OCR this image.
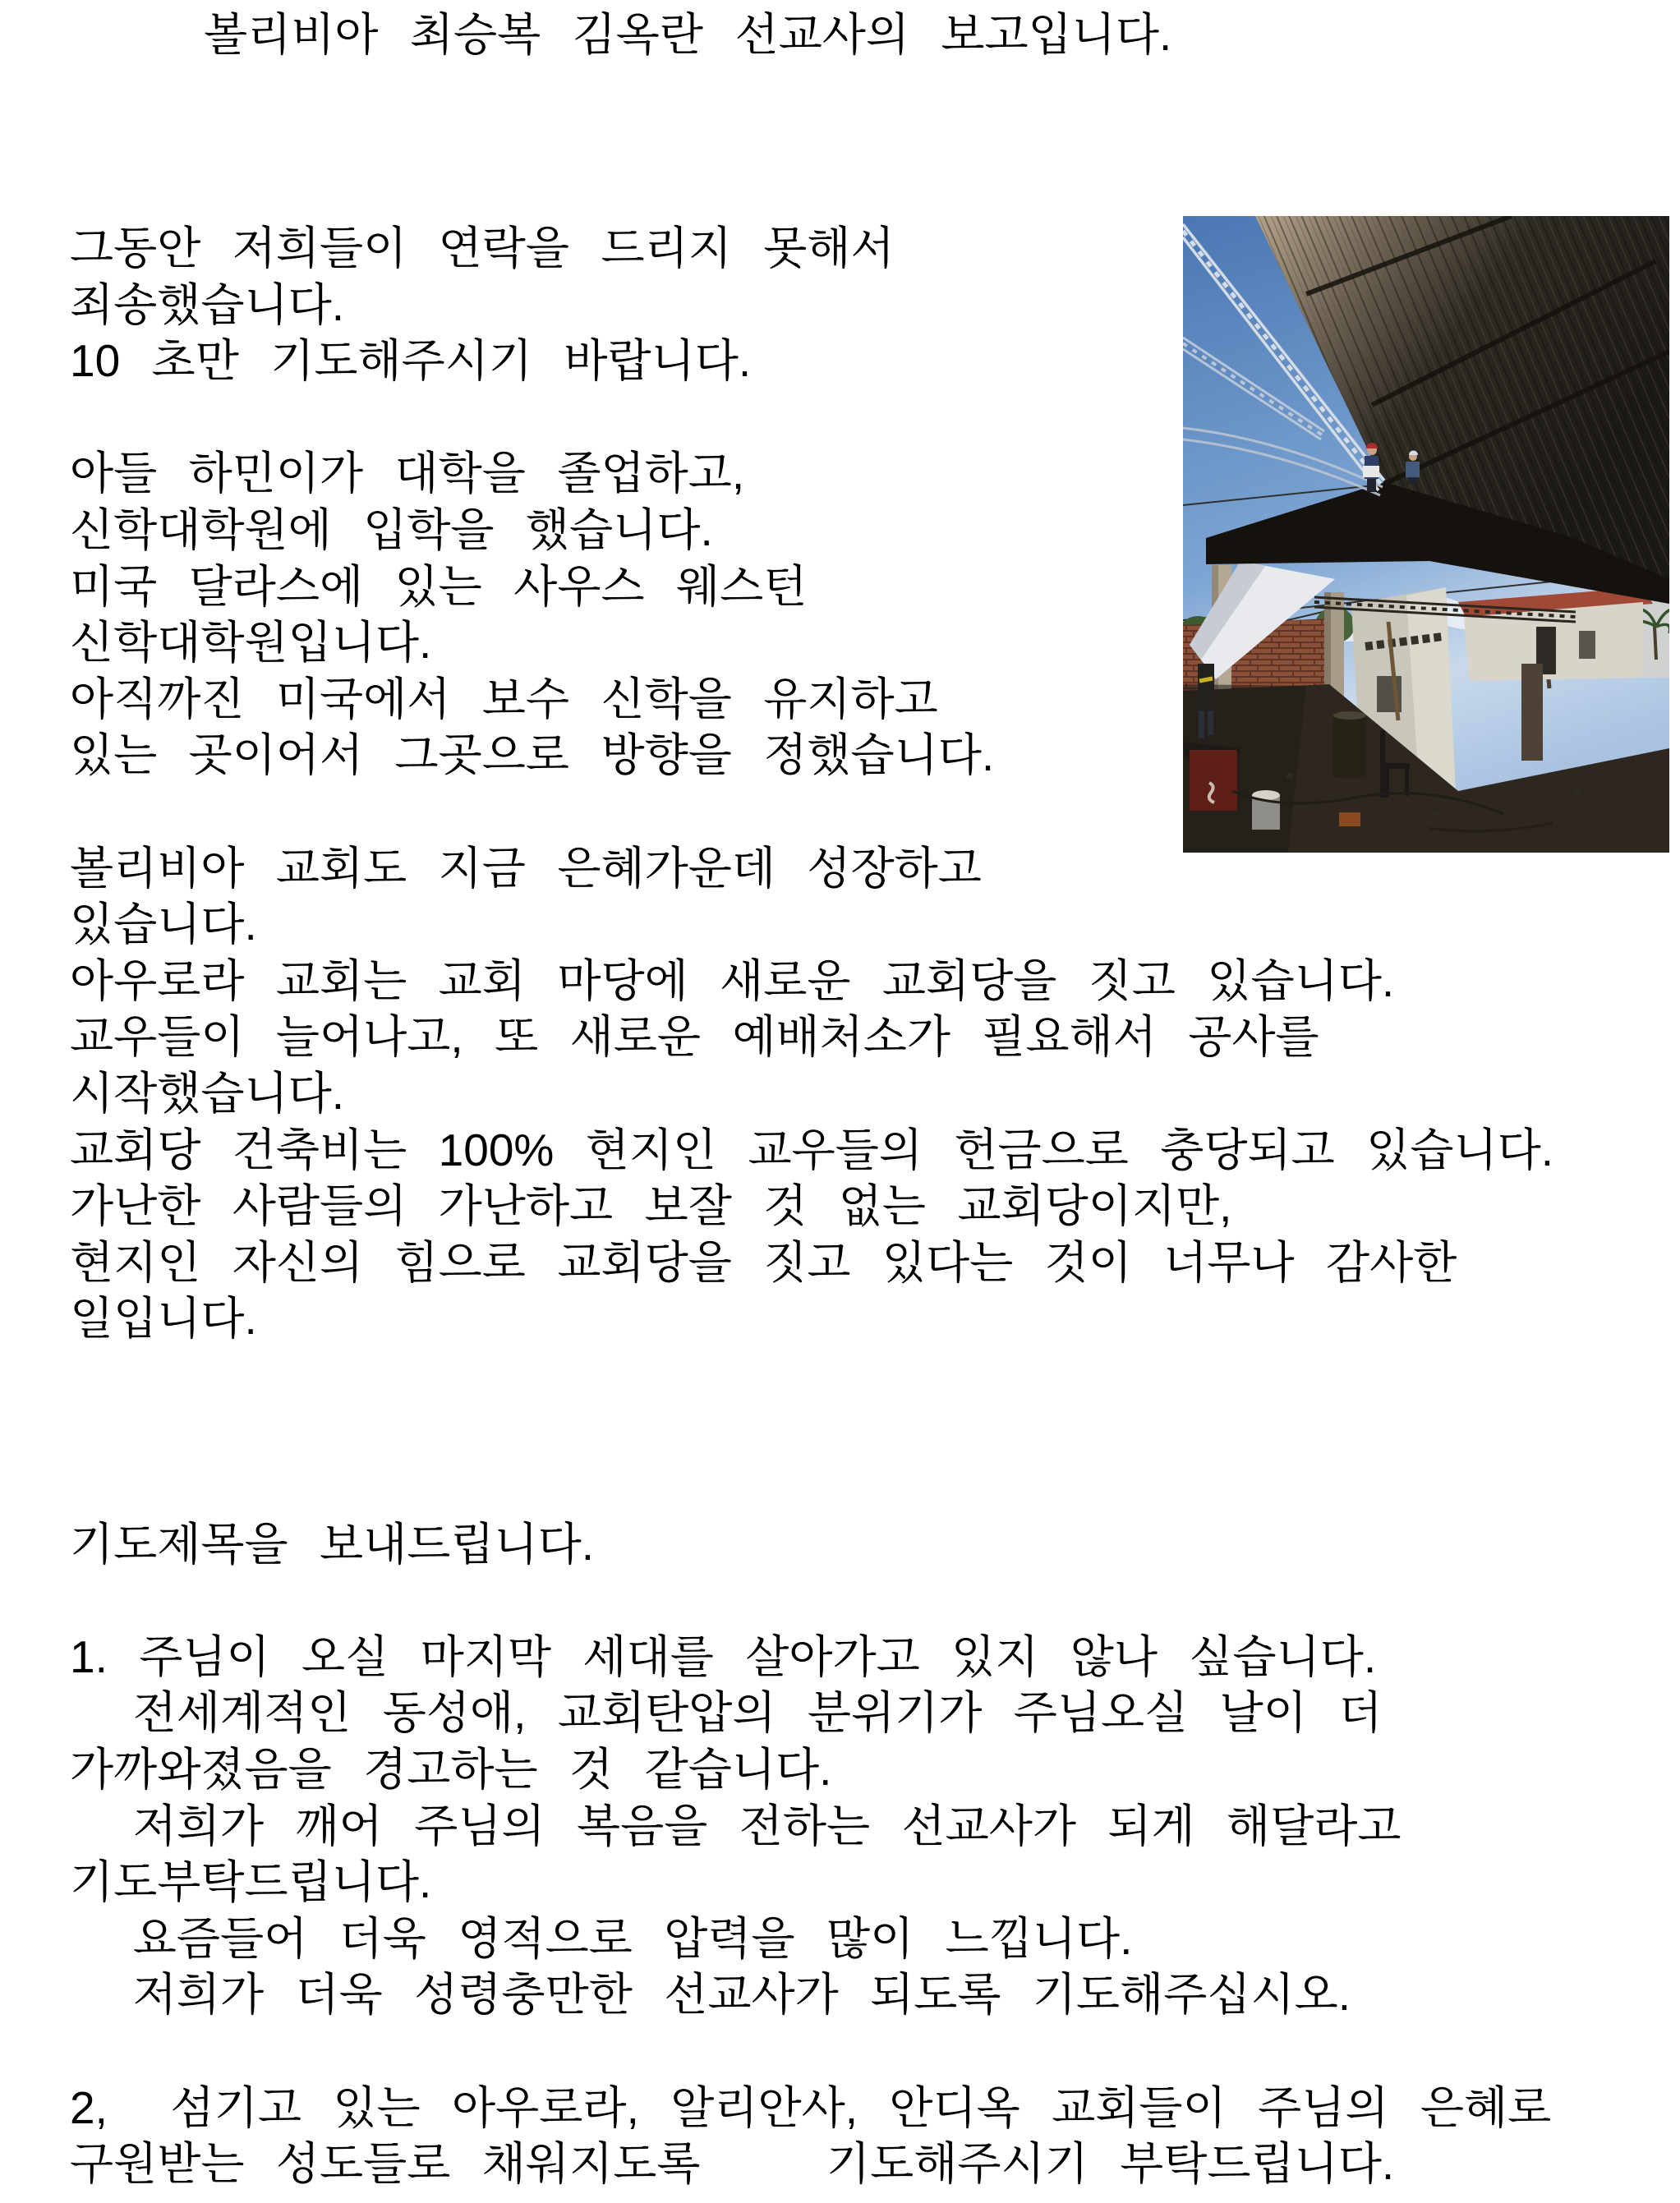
볼리비아 최승복 김옥란 선교사의 보고입니다.
그동안 저희들이 연락을 드리지 못해서
죄송했습니다.
10 초만 기도해주시기 바랍니다.
아들 하민이가 대학을 졸업하고,
신학대학원에 입학을 했습니다.
미국 달라스에 있는 사우스 웨스턴
신학대학원입니다.
아직까진 미국에서 보수 신학을 유지하고
있는 곳이어서 그곳으로 방향을 정했습니다.
볼리비아 교회도 지금 은혜가운데 성장하고
있습니다.
아우로라 교회는 교회 마당에 새로운 교회당을 짓고 있습니다.
교우들이 늘어나고, 또 새로운 예배처소가 필요해서 공사를
시작했습니다.
교회당 건축비는 100% 현지인 교우들의 헌금으로 충당되고 있습니다.
가난한 사람들의 가난하고 보잘 것 없는 교회당이지만,
현지인 자신의 힘으로 교회당을 짓고 있다는 것이 너무나 감사한
일입니다.
기도제목을 보내드립니다.
1. 주님이 오실 마지막 세대를 살아가고 있지 않나 싶습니다.
전세계적인 동성애, 교회탄압의 분위기가 주님오실 날이 더
가까와졌음을 경고하는 것 같습니다.
저희가 깨어 주님의 복음을 전하는 선교사가 되게 해달라고
기도부탁드립니다.
요즘들어 더욱 영적으로 압력을 많이 느낍니다.
저희가 더욱 성령충만한 선교사가 되도록 기도해주십시오.
2,  섬기고 있는 아우로라, 알리안사, 안디옥 교회들이 주님의 은혜로
구원받는 성도들로 채워지도록    기도해주시기 부탁드립니다.
